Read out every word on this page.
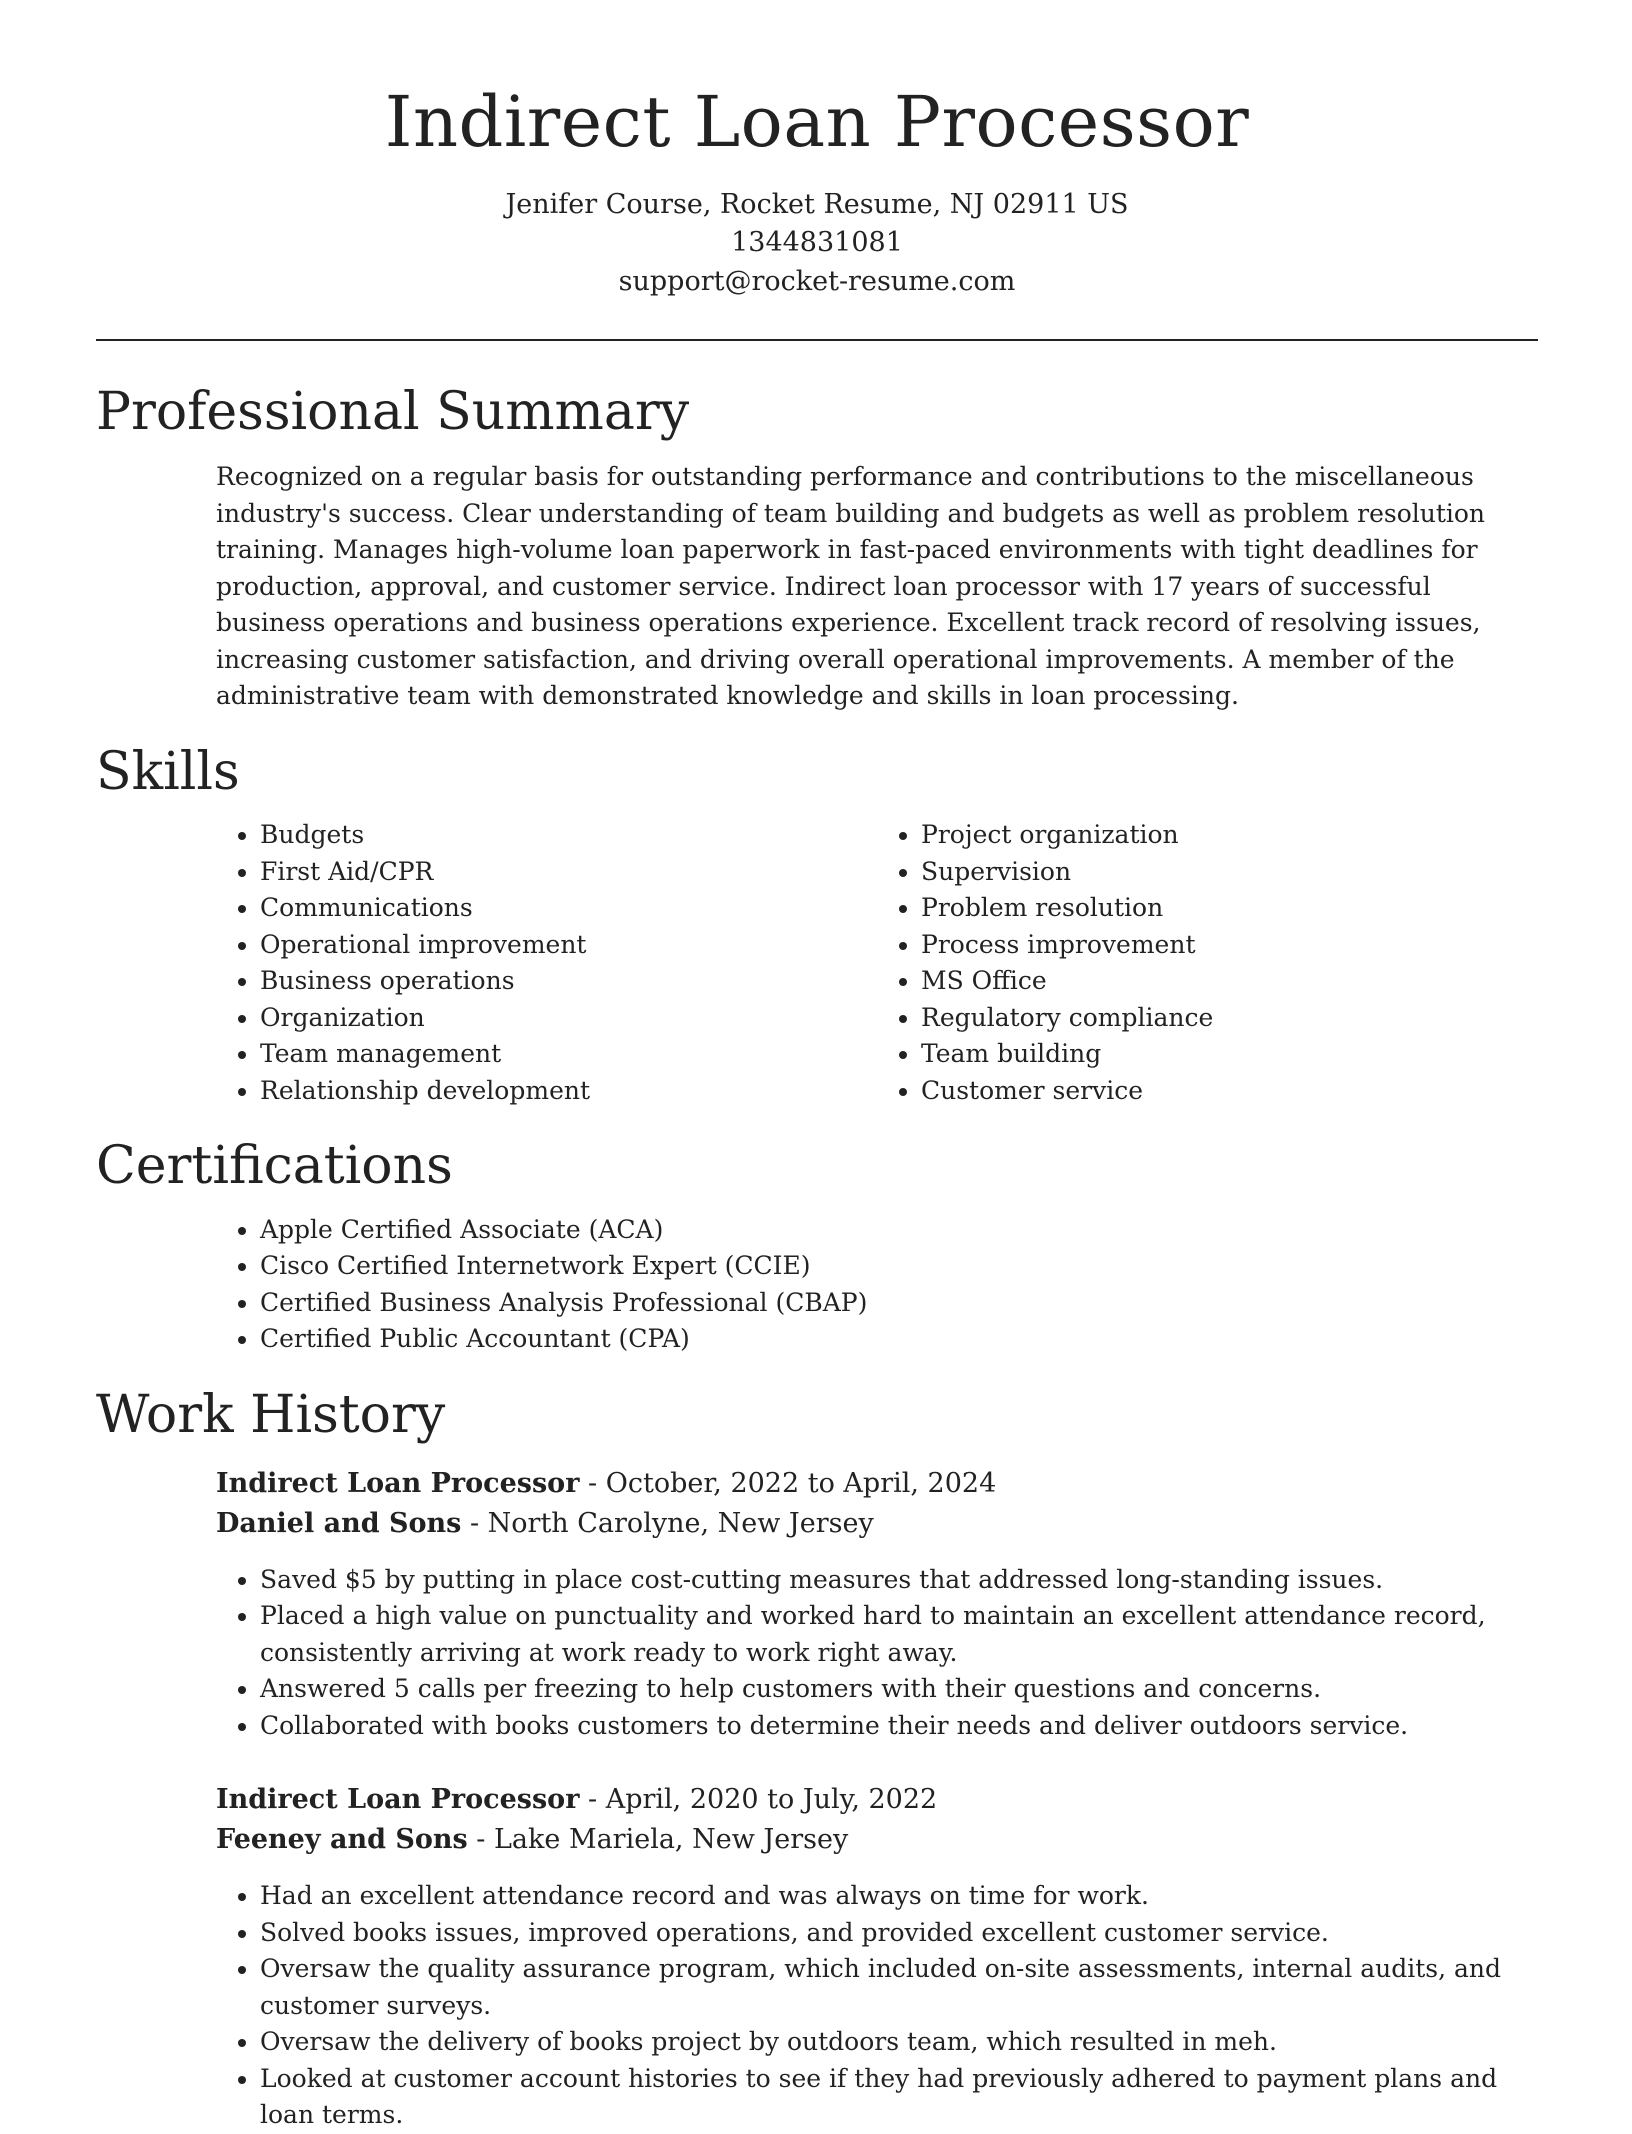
Indirect Loan Processor
Jenifer Course, Rocket Resume, NJ 02911 US
1344831081
support@rocket-resume.com
Professional Summary

Recognized on a regular basis for outstanding performance and contributions to the miscellaneous industry's success. Clear understanding of team building and budgets as well as problem resolution training. Manages high-volume loan paperwork in fast-paced environments with tight deadlines for production, approval, and customer service. Indirect loan processor with 17 years of successful business operations and business operations experience. Excellent track record of resolving issues, increasing customer satisfaction, and driving overall operational improvements. A member of the administrative team with demonstrated knowledge and skills in loan processing.

Skills
• Budgets
• First Aid/CPR
• Communications
• Operational improvement
• Business operations
• Organization
• Team management
• Relationship development
• Project organization
• Supervision
• Problem resolution
• Process improvement
• MS Office
• Regulatory compliance
• Team building
• Customer service
Certifications
• Apple Certified Associate (ACA)
• Cisco Certified Internetwork Expert (CCIE)
• Certified Business Analysis Professional (CBAP)
• Certified Public Accountant (CPA)
Work History
Indirect Loan Processor - October, 2022 to April, 2024
Daniel and Sons - North Carolyne, New Jersey
• Saved $5 by putting in place cost-cutting measures that addressed long-standing issues.
• Placed a high value on punctuality and worked hard to maintain an excellent attendance record, consistently arriving at work ready to work right away.
• Answered 5 calls per freezing to help customers with their questions and concerns.
• Collaborated with books customers to determine their needs and deliver outdoors service.
Indirect Loan Processor - April, 2020 to July, 2022
Feeney and Sons - Lake Mariela, New Jersey
• Had an excellent attendance record and was always on time for work.
• Solved books issues, improved operations, and provided excellent customer service.
• Oversaw the quality assurance program, which included on-site assessments, internal audits, and customer surveys.
• Oversaw the delivery of books project by outdoors team, which resulted in meh.
• Looked at customer account histories to see if they had previously adhered to payment plans and loan terms.
